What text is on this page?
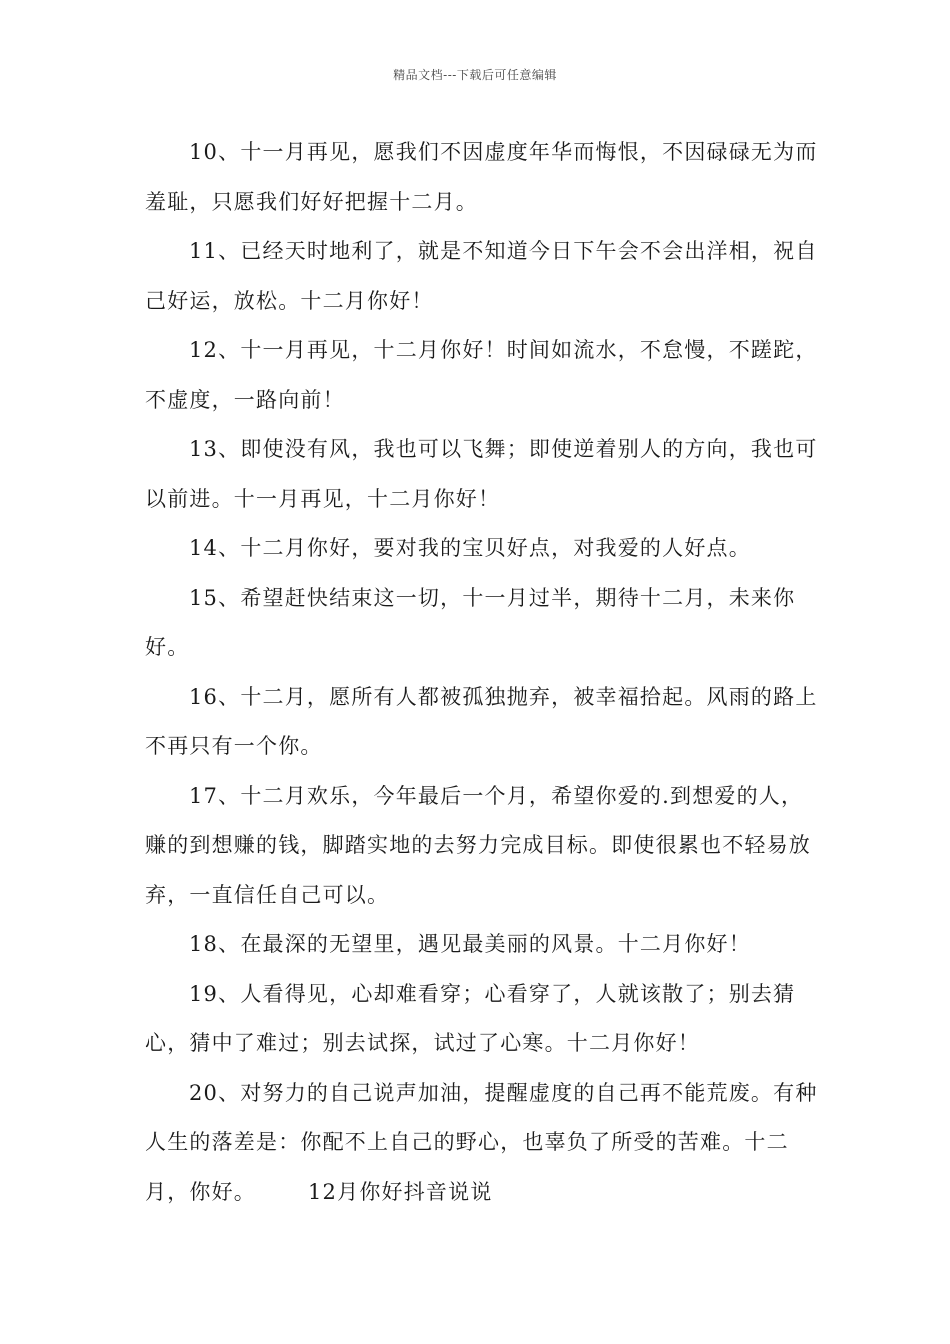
精品文档---下载后可任意编辑

10、十一月再见，愿我们不因虚度年华而悔恨，不因碌碌无为而羞耻，只愿我们好好把握十二月。

11、已经天时地利了，就是不知道今日下午会不会出洋相，祝自己好运，放松。十二月你好！

12、十一月再见，十二月你好！时间如流水，不怠慢，不蹉跎，不虚度，一路向前！

13、即使没有风，我也可以飞舞；即使逆着别人的方向，我也可以前进。十一月再见，十二月你好！

14、十二月你好，要对我的宝贝好点，对我爱的人好点。

15、希望赶快结束这一切，十一月过半，期待十二月，未来你好。

16、十二月，愿所有人都被孤独抛弃，被幸福拾起。风雨的路上不再只有一个你。

17、十二月欢乐，今年最后一个月，希望你爱的.到想爱的人，赚的到想赚的钱，脚踏实地的去努力完成目标。即使很累也不轻易放弃，一直信任自己可以。

18、在最深的无望里，遇见最美丽的风景。十二月你好！

19、人看得见，心却难看穿；心看穿了，人就该散了；别去猜心，猜中了难过；别去试探，试过了心寒。十二月你好！

20、对努力的自己说声加油，提醒虚度的自己再不能荒废。有种人生的落差是：你配不上自己的野心，也辜负了所受的苦难。十二月，你好。 12月你好抖音说说
